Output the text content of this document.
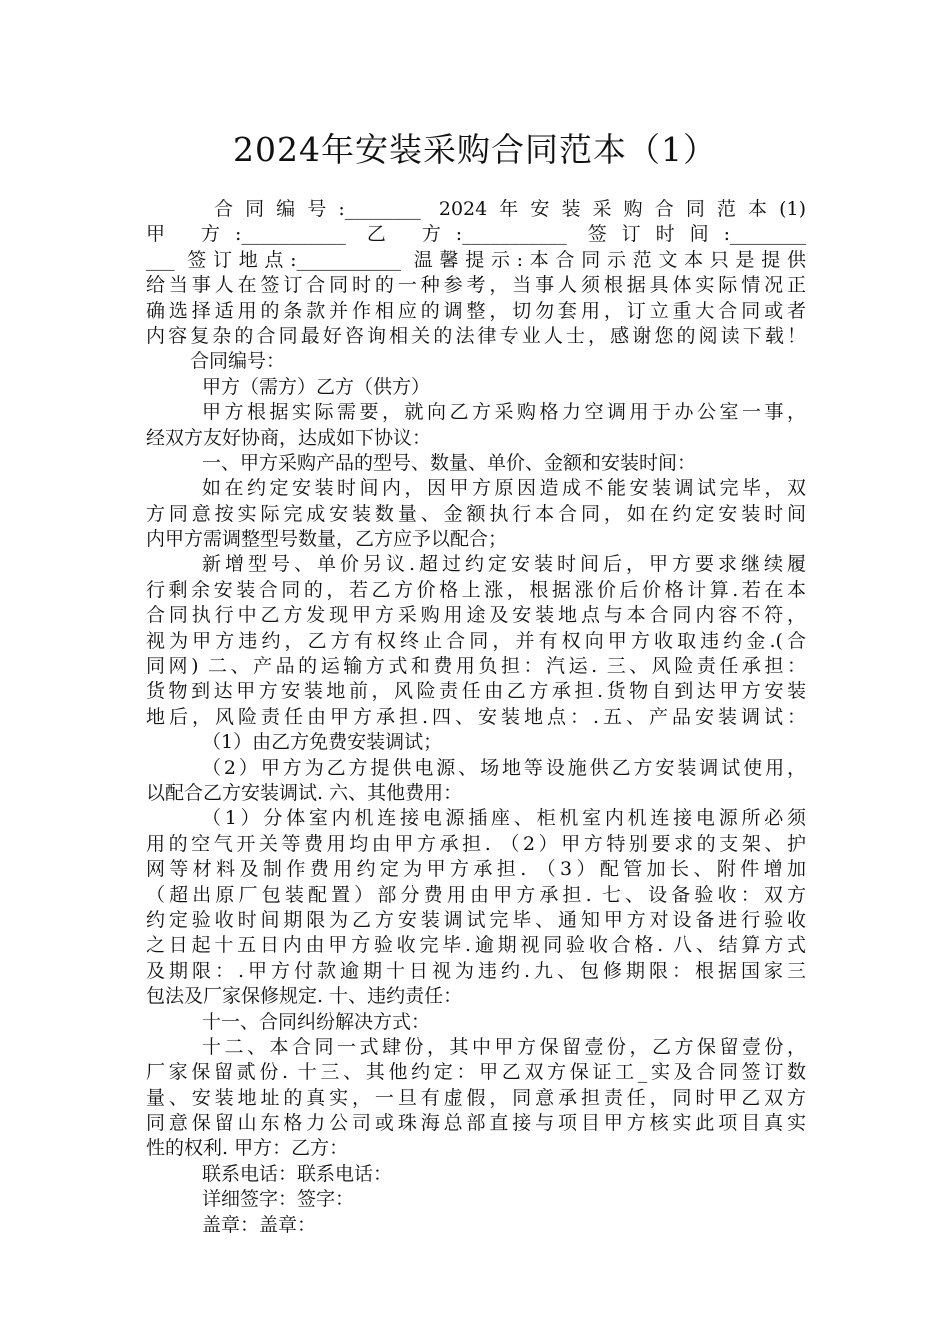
2024年安装采购合同范本（1）
合同编号:________ 2024年安装采购合同范本(1)
甲 方:___________ 乙 方:___________ 签订时间:________
___ 签订地点:___________ 温馨提示:本合同示范文本只是提供
给当事人在签订合同时的一种参考，当事人须根据具体实际情况正
确选择适用的条款并作相应的调整，切勿套用，订立重大合同或者
内容复杂的合同最好咨询相关的法律专业人士，感谢您的阅读下载！
合同编号：
甲方（需方）乙方（供方）
甲方根据实际需要，就向乙方采购格力空调用于办公室一事，
经双方友好协商，达成如下协议：
一、甲方采购产品的型号、数量、单价、金额和安装时间：
如在约定安装时间内，因甲方原因造成不能安装调试完毕，双
方同意按实际完成安装数量、金额执行本合同，如在约定安装时间
内甲方需调整型号数量，乙方应予以配合；
新增型号、单价另议.超过约定安装时间后，甲方要求继续履
行剩余安装合同的，若乙方价格上涨，根据涨价后价格计算.若在本
合同执行中乙方发现甲方采购用途及安装地点与本合同内容不符，
视为甲方违约，乙方有权终止合同，并有权向甲方收取违约金.(合
同网) 二、产品的运输方式和费用负担：汽运. 三、风险责任承担：
货物到达甲方安装地前，风险责任由乙方承担.货物自到达甲方安装
地后，风险责任由甲方承担.四、安装地点：.五、产品安装调试：
（1）由乙方免费安装调试；
（2）甲方为乙方提供电源、场地等设施供乙方安装调试使用，
以配合乙方安装调试. 六、其他费用：
（1）分体室内机连接电源插座、柜机室内机连接电源所必须
用的空气开关等费用均由甲方承担. （2）甲方特别要求的支架、护
网等材料及制作费用约定为甲方承担. （3）配管加长、附件增加
（超出原厂包装配置）部分费用由甲方承担. 七、设备验收：双方
约定验收时间期限为乙方安装调试完毕、通知甲方对设备进行验收
之日起十五日内由甲方验收完毕.逾期视同验收合格. 八、结算方式
及期限：.甲方付款逾期十日视为违约.九、包修期限：根据国家三
包法及厂家保修规定. 十、违约责任：
十一、合同纠纷解决方式：
十二、本合同一式肆份，其中甲方保留壹份，乙方保留壹份，
厂家保留贰份. 十三、其他约定：甲乙双方保证工_实及合同签订数
量、安装地址的真实，一旦有虚假，同意承担责任，同时甲乙双方
同意保留山东格力公司或珠海总部直接与项目甲方核实此项目真实
性的权利. 甲方：乙方：
联系电话：联系电话：
详细签字：签字：
盖章：盖章：
